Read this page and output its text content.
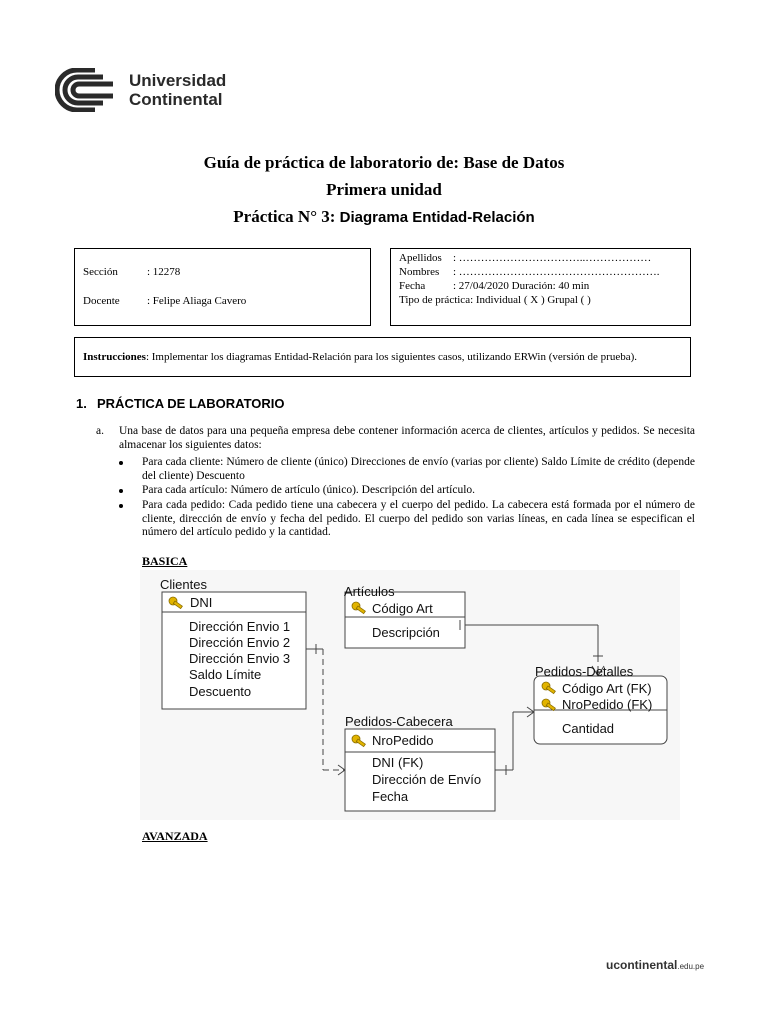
Universidad
Continental
Guía de práctica de laboratorio de: Base de Datos
Primera unidad
Práctica N° 3: Diagrama Entidad-Relación
Sección	: 12278
Docente : Felipe Aliaga Cavero
Apellidos : ……………………………..………………
Nombres : ……………………………………………….
Fecha	: 27/04/2020 Duración: 40 min
Tipo de práctica: Individual ( X ) Grupal ( )
Instrucciones: Implementar los diagramas Entidad-Relación para los siguientes casos, utilizando ERWin (versión de prueba).
1. PRÁCTICA DE LABORATORIO
a. Una base de datos para una pequeña empresa debe contener información acerca de clientes, artículos y pedidos. Se necesita almacenar los siguientes datos:
Para cada cliente: Número de cliente (único) Direcciones de envío (varias por cliente) Saldo Límite de crédito (depende del cliente) Descuento
Para cada artículo: Número de artículo (único). Descripción del artículo.
Para cada pedido: Cada pedido tiene una cabecera y el cuerpo del pedido. La cabecera está formada por el número de cliente, dirección de envío y fecha del pedido. El cuerpo del pedido son varias líneas, en cada línea se especifican el número del artículo pedido y la cantidad.
BASICA
Clientes
DNI
Dirección Envio 1
Dirección Envio 2
Dirección Envio 3
Saldo Límite
Descuento
Artículos
Código Art
Descripción
Pedidos-Detalles
Código Art (FK)
NroPedido (FK)
Cantidad
Pedidos-Cabecera
NroPedido
DNI (FK)
Dirección de Envío
Fecha
AVANZADA
ucontinental.edu.pe
